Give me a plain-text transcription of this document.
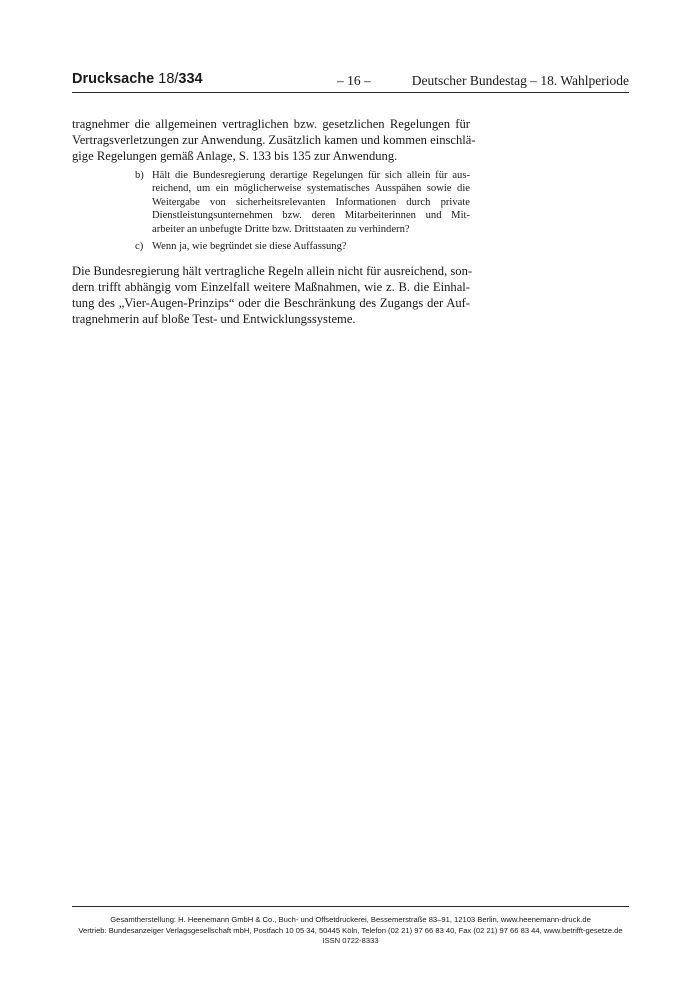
Drucksache 18/334	– 16 –	Deutscher Bundestag – 18. Wahlperiode

tragnehmer die allgemeinen vertraglichen bzw. gesetzlichen Regelungen für
Vertragsverletzungen zur Anwendung. Zusätzlich kamen und kommen einschlä-
gige Regelungen gemäß Anlage, S. 133 bis 135 zur Anwendung.

b) Hält die Bundesregierung derartige Regelungen für sich allein für aus-
reichend, um ein möglicherweise systematisches Ausspähen sowie die
Weitergabe von sicherheitsrelevanten Informationen durch private
Dienstleistungsunternehmen bzw. deren Mitarbeiterinnen und Mit-
arbeiter an unbefugte Dritte bzw. Drittstaaten zu verhindern?
c) Wenn ja, wie begründet sie diese Auffassung?

Die Bundesregierung hält vertragliche Regeln allein nicht für ausreichend, son-
dern trifft abhängig vom Einzelfall weitere Maßnahmen, wie z. B. die Einhal-
tung des „Vier-Augen-Prinzips“ oder die Beschränkung des Zugangs der Auf-
tragnehmerin auf bloße Test- und Entwicklungssysteme.

Gesamtherstellung: H. Heenemann GmbH & Co., Buch- und Offsetdruckerei, Bessemerstraße 83–91, 12103 Berlin, www.heenemann-druck.de
Vertrieb: Bundesanzeiger Verlagsgesellschaft mbH, Postfach 10 05 34, 50445 Köln, Telefon (02 21) 97 66 83 40, Fax (02 21) 97 66 83 44, www.betrifft-gesetze.de
ISSN 0722-8333
